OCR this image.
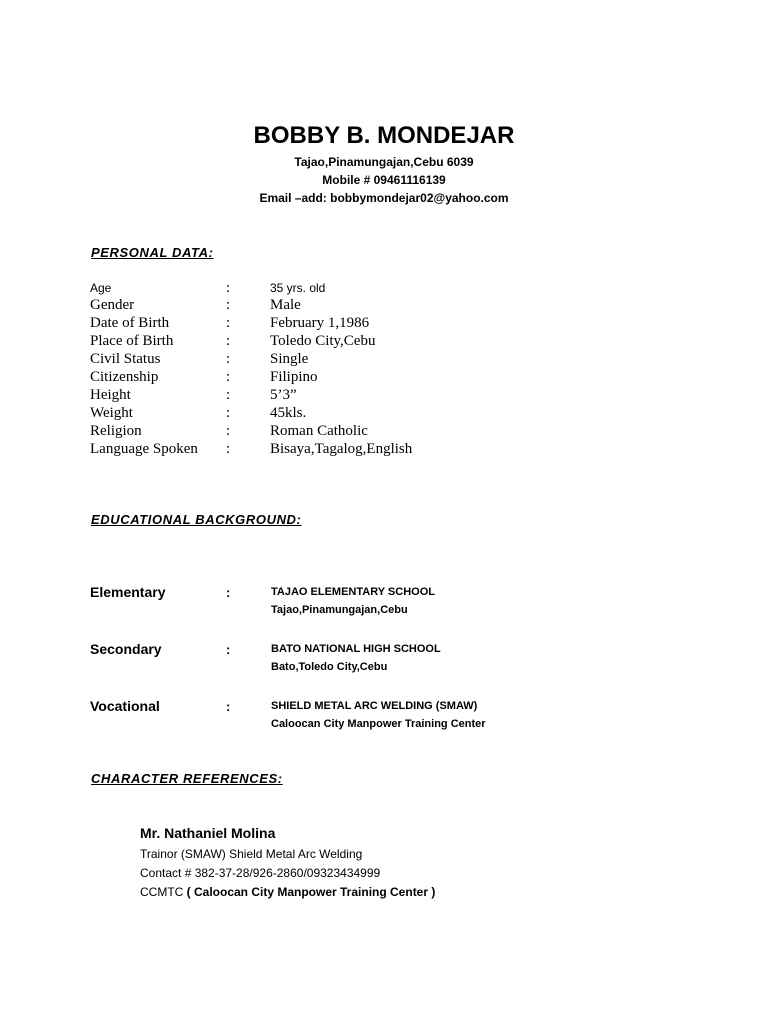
BOBBY B. MONDEJAR
Tajao,Pinamungajan,Cebu 6039
Mobile # 09461116139
Email –add: bobbymondejar02@yahoo.com
PERSONAL DATA:
Age	:	35 yrs. old
Gender	:	Male
Date of Birth	:	February 1,1986
Place of Birth	:	Toledo City,Cebu
Civil Status	:	Single
Citizenship	:	Filipino
Height	:	5’3”
Weight	:	45kls.
Religion	:	Roman Catholic
Language Spoken	:	Bisaya,Tagalog,English
EDUCATIONAL BACKGROUND:
Elementary	:	TAJAO ELEMENTARY SCHOOL
Tajao,Pinamungajan,Cebu
Secondary	:	BATO NATIONAL HIGH SCHOOL
Bato,Toledo City,Cebu
Vocational	:	SHIELD METAL ARC WELDING (SMAW)
Caloocan City Manpower Training Center
CHARACTER REFERENCES:
Mr. Nathaniel Molina
Trainor (SMAW) Shield Metal Arc Welding
Contact # 382-37-28/926-2860/09323434999
CCMTC ( Caloocan City Manpower Training Center )
